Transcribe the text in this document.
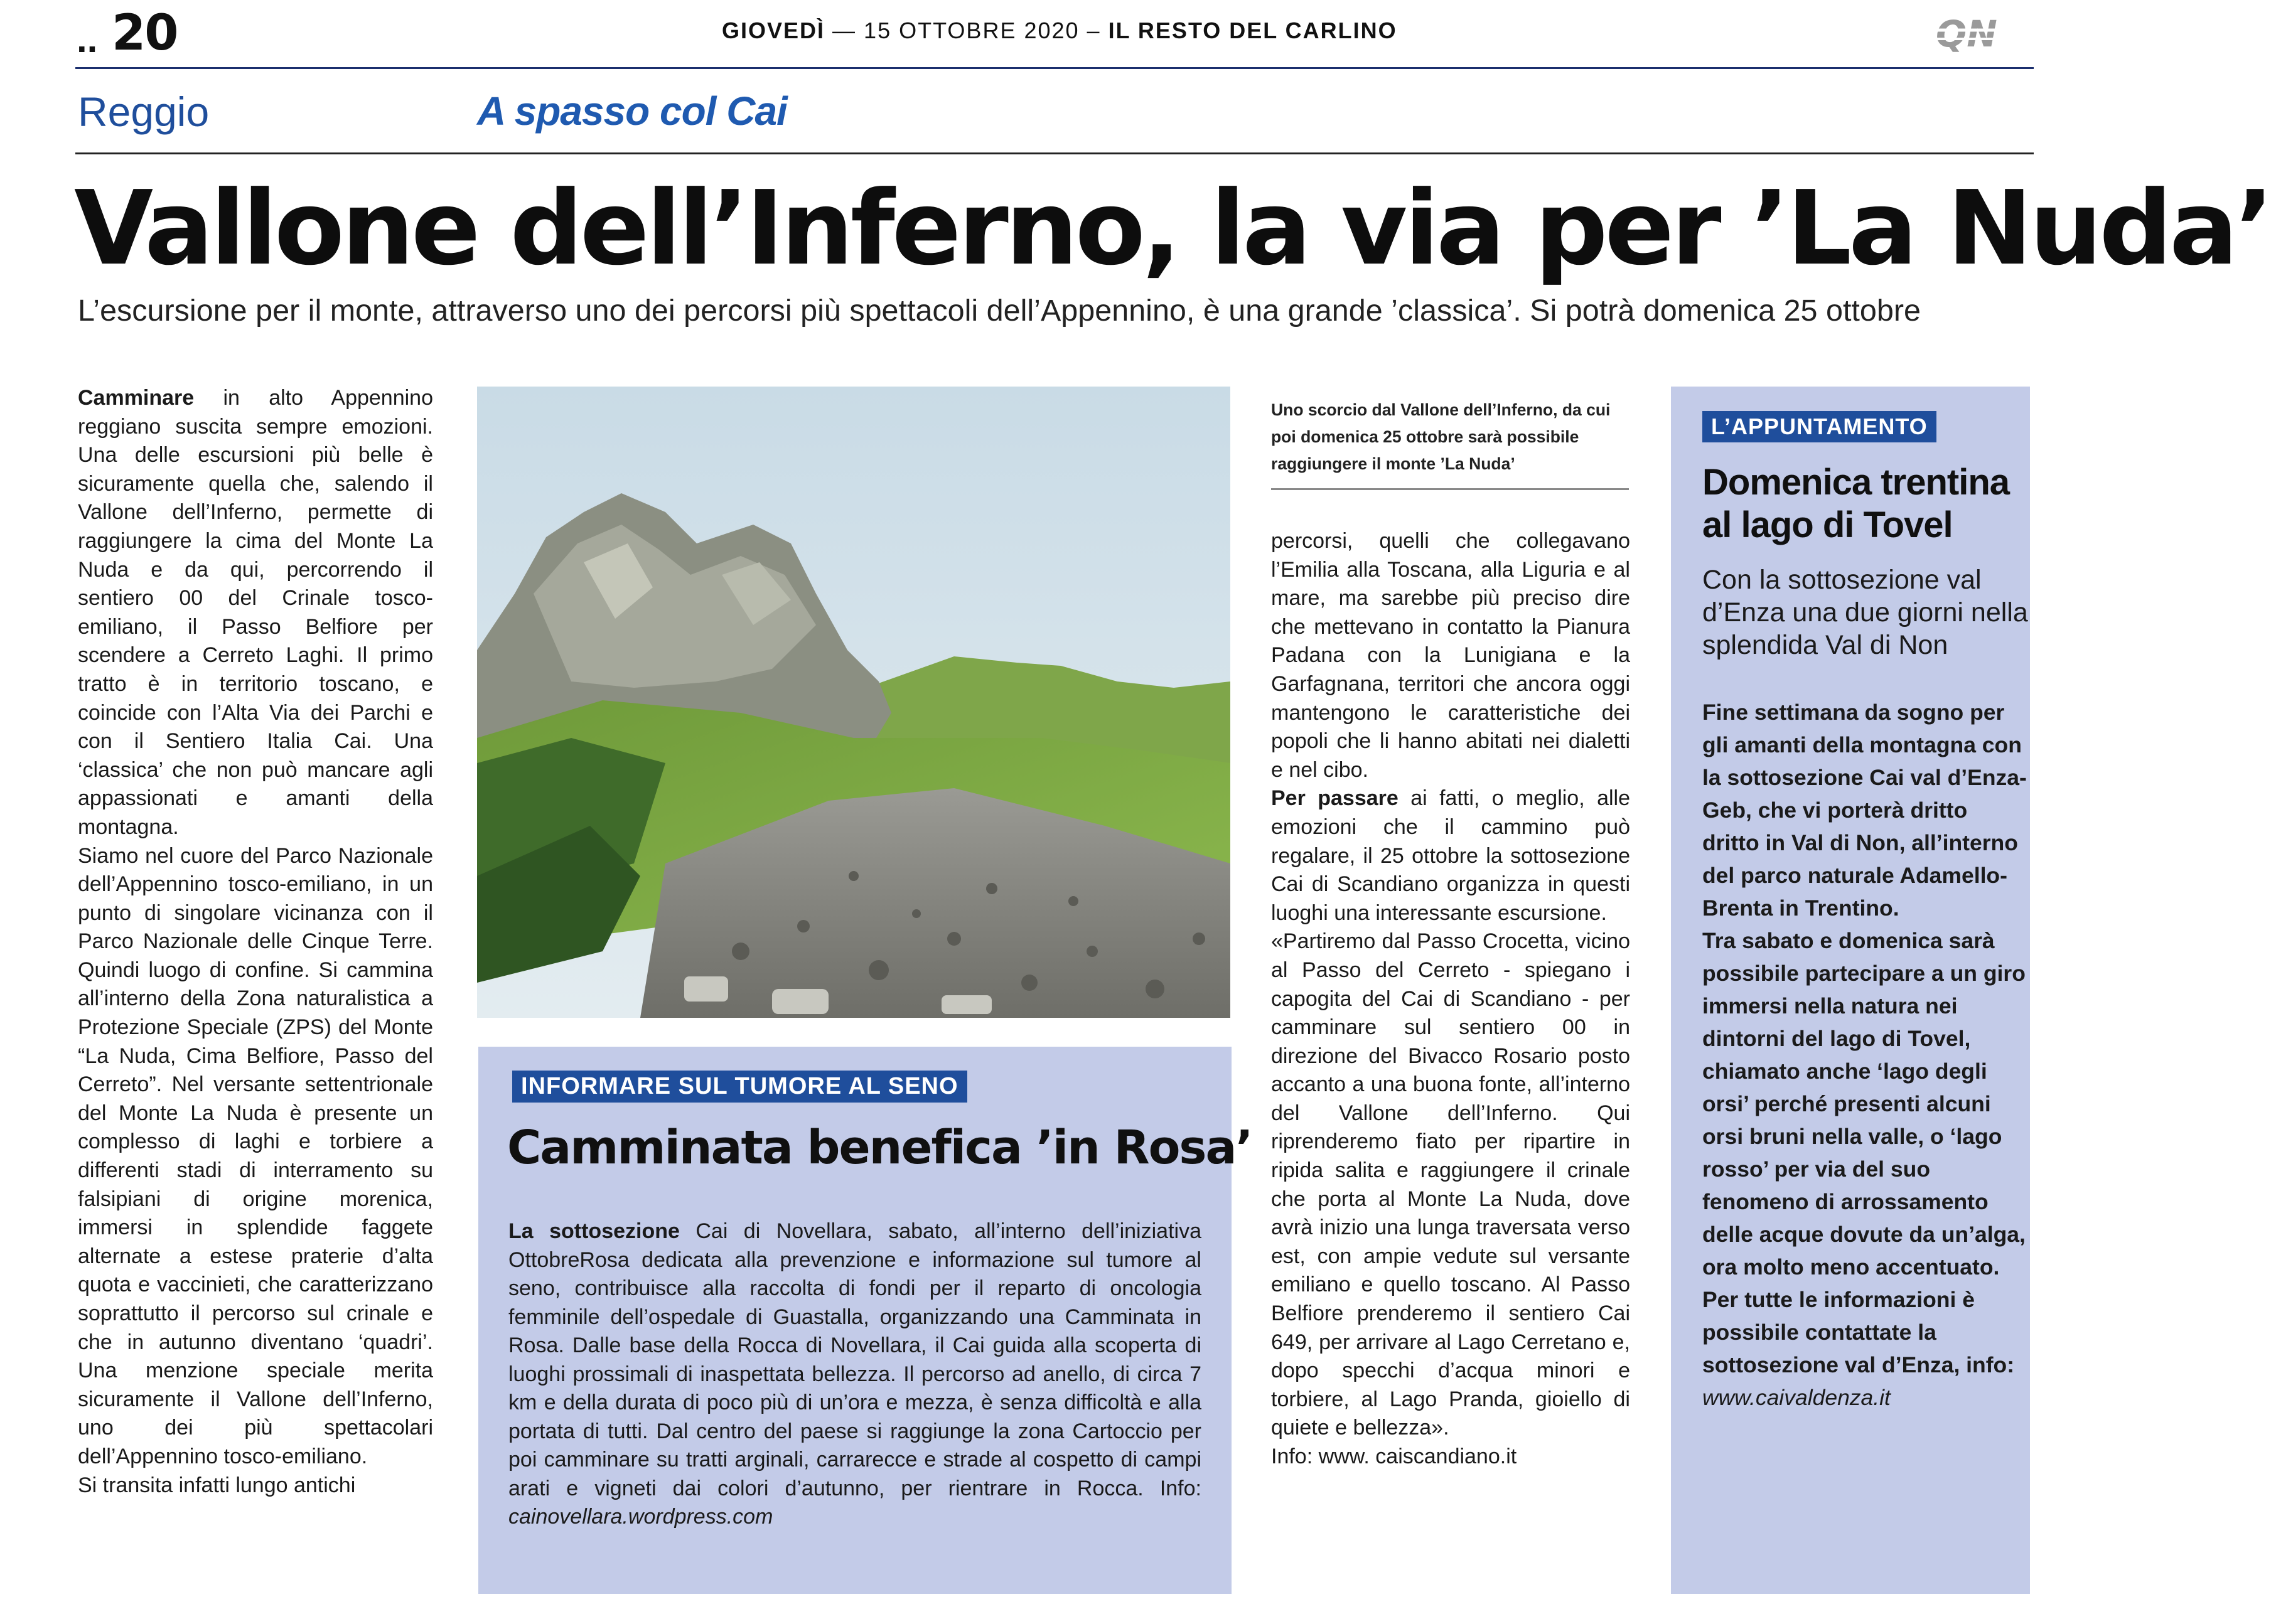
.. 20	GIOVEDÌ — 15 OTTOBRE 2020 – IL RESTO DEL CARLINO	QN
Reggio	A spasso col Cai
Vallone dell’Inferno, la via per ’La Nuda’
L’escursione per il monte, attraverso uno dei percorsi più spettacoli dell’Appennino, è una grande ’classica’. Si potrà domenica 25 ottobre

Camminare in alto Appennino reggiano suscita sempre emozioni. Una delle escursioni più belle è sicuramente quella che, salendo il Vallone dell’Inferno, permette di raggiungere la cima del Monte La Nuda e da qui, percorrendo il sentiero 00 del Crinale tosco-emiliano, il Passo Belfiore per scendere a Cerreto Laghi. Il primo tratto è in territorio toscano, e coincide con l’Alta Via dei Parchi e con il Sentiero Italia Cai. Una ‘classica’ che non può mancare agli appassionati e amanti della montagna.

Siamo nel cuore del Parco Nazionale dell’Appennino tosco-emiliano, in un punto di singolare vicinanza con il Parco Nazionale delle Cinque Terre. Quindi luogo di confine. Si cammina all’interno della Zona naturalistica a Protezione Speciale (ZPS) del Monte “La Nuda, Cima Belfiore, Passo del Cerreto”. Nel versante settentrionale del Monte La Nuda è presente un complesso di laghi e torbiere a differenti stadi di interramento su falsipiani di origine morenica, immersi in splendide faggete alternate a estese praterie d’alta quota e vaccinieti, che caratterizzano soprattutto il percorso sul crinale e che in autunno diventano ‘quadri’. Una menzione speciale merita sicuramente il Vallone dell’Inferno, uno dei più spettacolari dell’Appennino tosco-emiliano.

Si transita infatti lungo antichi

INFORMARE SUL TUMORE AL SENO
Camminata benefica ’in Rosa’
La sottosezione Cai di Novellara, sabato, all’interno dell’iniziativa OttobreRosa dedicata alla prevenzione e informazione sul tumore al seno, contribuisce alla raccolta di fondi per il reparto di oncologia femminile dell’ospedale di Guastalla, organizzando una Camminata in Rosa. Dalle base della Rocca di Novellara, il Cai guida alla scoperta di luoghi prossimali di inaspettata bellezza. Il percorso ad anello, di circa 7 km e della durata di poco più di un’ora e mezza, è senza difficoltà e alla portata di tutti. Dal centro del paese si raggiunge la zona Cartoccio per poi camminare su tratti arginali, carrarecce e strade al cospetto di campi arati e vigneti dai colori d’autunno, per rientrare in Rocca. Info: cainovellara.wordpress.com
Uno scorcio dal Vallone dell’Inferno, da cui poi domenica 25 ottobre sarà possibile raggiungere il monte ’La Nuda’

percorsi, quelli che collegavano l’Emilia alla Toscana, alla Liguria e al mare, ma sarebbe più preciso dire che mettevano in contatto la Pianura Padana con la Lunigiana e la Garfagnana, territori che ancora oggi mantengono le caratteristiche dei popoli che li hanno abitati nei dialetti e nel cibo.

Per passare ai fatti, o meglio, alle emozioni che il cammino può regalare, il 25 ottobre la sottosezione Cai di Scandiano organizza in questi luoghi una interessante escursione.

«Partiremo dal Passo Crocetta, vicino al Passo del Cerreto - spiegano i capogita del Cai di Scandiano - per camminare sul sentiero 00 in direzione del Bivacco Rosario posto accanto a una buona fonte, all’interno del Vallone dell’Inferno. Qui riprenderemo fiato per ripartire in ripida salita e raggiungere il crinale che porta al Monte La Nuda, dove avrà inizio una lunga traversata verso est, con ampie vedute sul versante emiliano e quello toscano. Al Passo Belfiore prenderemo il sentiero Cai 649, per arrivare al Lago Cerretano e, dopo specchi d’acqua minori e torbiere, al Lago Pranda, gioiello di quiete e bellezza».

Info: www. caiscandiano.it

L’APPUNTAMENTO
Domenica trentina al lago di Tovel
Con la sottosezione val d’Enza una due giorni nella splendida Val di Non
Fine settimana da sogno per gli amanti della montagna con la sottosezione Cai val d’Enza-Geb, che vi porterà dritto dritto in Val di Non, all’interno del parco naturale Adamello-Brenta in Trentino.
Tra sabato e domenica sarà possibile partecipare a un giro immersi nella natura nei dintorni del lago di Tovel, chiamato anche ‘lago degli orsi’ perché presenti alcuni orsi bruni nella valle, o ‘lago rosso’ per via del suo fenomeno di arrossamento delle acque dovute da un’alga, ora molto meno accentuato.
Per tutte le informazioni è possibile contattate la sottosezione val d’Enza, info: www.caivaldenza.it
